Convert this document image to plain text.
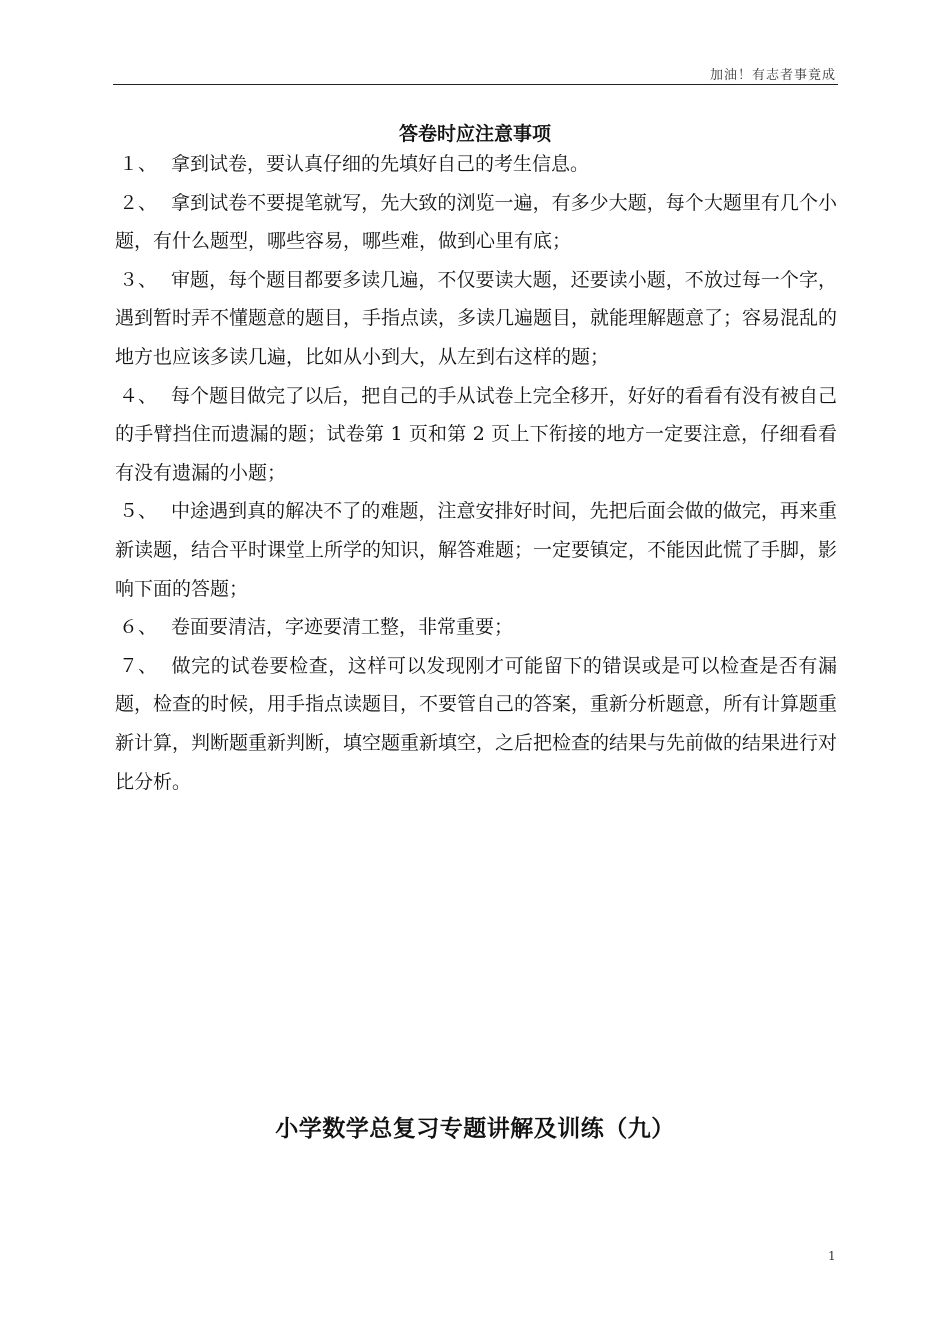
加油！有志者事竟成
答卷时应注意事项

１、 拿到试卷，要认真仔细的先填好自己的考生信息。

２、 拿到试卷不要提笔就写，先大致的浏览一遍，有多少大题，每个大题里有几个小题，有什么题型，哪些容易，哪些难，做到心里有底；

３、 审题，每个题目都要多读几遍，不仅要读大题，还要读小题，不放过每一个字，遇到暂时弄不懂题意的题目，手指点读，多读几遍题目，就能理解题意了；容易混乱的地方也应该多读几遍，比如从小到大，从左到右这样的题；

４、 每个题目做完了以后，把自己的手从试卷上完全移开，好好的看看有没有被自己的手臂挡住而遗漏的题；试卷第 1 页和第 2 页上下衔接的地方一定要注意，仔细看看有没有遗漏的小题；

５、 中途遇到真的解决不了的难题，注意安排好时间，先把后面会做的做完，再来重新读题，结合平时课堂上所学的知识，解答难题；一定要镇定，不能因此慌了手脚，影响下面的答题；

６、 卷面要清洁，字迹要清工整，非常重要；

７、 做完的试卷要检查，这样可以发现刚才可能留下的错误或是可以检查是否有漏题，检查的时候，用手指点读题目，不要管自己的答案，重新分析题意，所有计算题重新计算，判断题重新判断，填空题重新填空，之后把检查的结果与先前做的结果进行对比分析。

小学数学总复习专题讲解及训练（九）
1
